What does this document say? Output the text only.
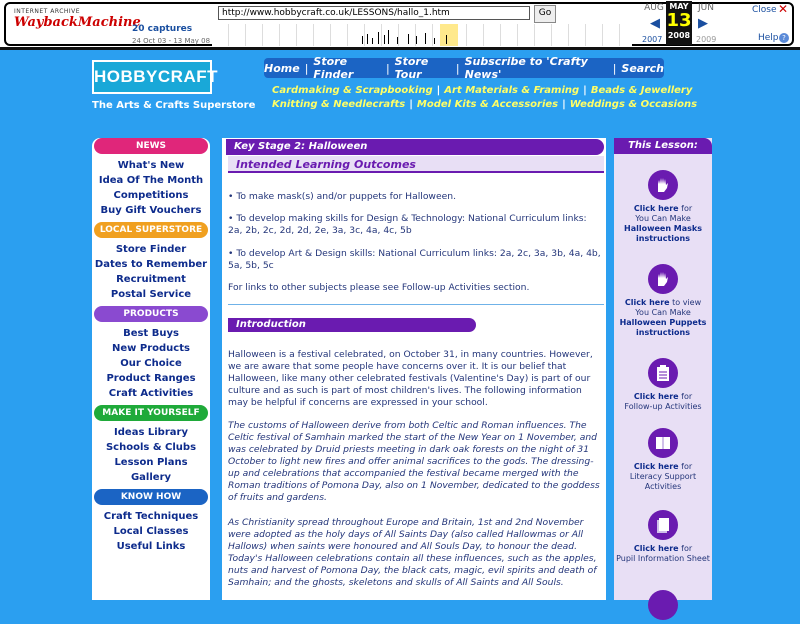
INTERNET ARCHIVE
WaybackMachine
20 captures
24 Oct 03 - 13 May 08
http://www.hobbycraft.co.uk/LESSONS/hallo_1.htm
Go	AUG	JUN
◀	▶
2007	2009
MAY
13
2008
Close ✕
Help ?
HOBBYCRAFT
The Arts & Crafts Superstore
Home | Store Finder	| Store Tour	| Subscribe to 'Crafty News'	| Search
Cardmaking & Scrapbooking | Art Materials & Framing | Beads & Jewellery
Knitting & Needlecrafts | Model Kits & Accessories | Weddings & Occasions
NEWS
What's New
Idea Of The Month
Competitions
Buy Gift Vouchers
LOCAL SUPERSTORE
Store Finder
Dates to Remember
Recruitment
Postal Service
PRODUCTS
Best Buys
New Products
Our Choice
Product Ranges
Craft Activities
MAKE IT YOURSELF
Ideas Library
Schools & Clubs
Lesson Plans
Gallery
KNOW HOW
Craft Techniques
Local Classes
Useful Links
Key Stage 2: Halloween
Intended Learning Outcomes
• To make mask(s) and/or puppets for Halloween.
• To develop making skills for Design & Technology: National Curriculum links: 2a, 2b, 2c, 2d, 2d, 2e, 3a, 3c, 4a, 4c, 5b
• To develop Art & Design skills: National Curriculum links: 2a, 2c, 3a, 3b, 4a, 4b, 5a, 5b, 5c
For links to other subjects please see Follow-up Activities section.
Introduction
Halloween is a festival celebrated, on October 31, in many countries. However, we are aware that some people have concerns over it. It is our belief that Halloween, like many other celebrated festivals (Valentine's Day) is part of our culture and as such is part of most children's lives. The following information may be helpful if concerns are expressed in your school.
The customs of Halloween derive from both Celtic and Roman influences. The Celtic festival of Samhain marked the start of the New Year on 1 November, and was celebrated by Druid priests meeting in dark oak forests on the night of 31 October to light new fires and offer animal sacrifices to the gods. The dressing-up and celebrations that accompanied the festival became merged with the Roman traditions of Pomona Day, also on 1 November, dedicated to the goddess of fruits and gardens.
As Christianity spread throughout Europe and Britain, 1st and 2nd November were adopted as the holy days of All Saints Day (also called Hallowmas or All Hallows) when saints were honoured and All Souls Day, to honour the dead. Today's Halloween celebrations contain all these influences, such as the apples, nuts and harvest of Pomona Day, the black cats, magic, evil spirits and death of Samhain; and the ghosts, skeletons and skulls of All Saints and All Souls.
This Lesson:
Click here for
You Can Make
Halloween Masks instructions
Click here to view
You Can Make
Halloween Puppets instructions
Click here for
Follow-up Activities
Click here for
Literacy Support Activities
Click here for
Pupil Information Sheet
